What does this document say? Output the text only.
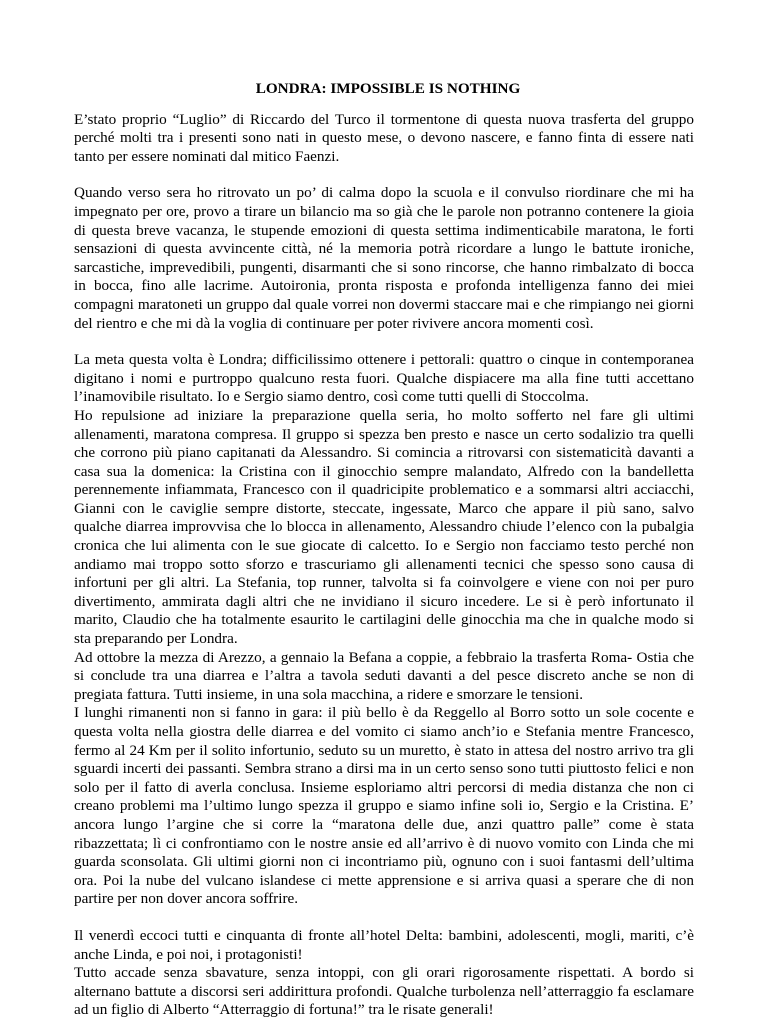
LONDRA: IMPOSSIBLE IS NOTHING

E’stato proprio “Luglio” di Riccardo del Turco il tormentone di questa nuova trasferta del gruppo perché molti tra i presenti sono nati in questo mese, o devono nascere, e fanno finta di essere nati tanto per essere nominati dal mitico Faenzi.

Quando verso sera ho ritrovato un po’ di calma dopo la scuola e il convulso riordinare che mi ha impegnato per ore, provo a tirare un bilancio ma so già che le parole non potranno contenere la gioia di questa breve vacanza, le stupende emozioni di questa settima indimenticabile maratona, le forti sensazioni di questa avvincente città, né la memoria potrà ricordare a lungo le battute ironiche, sarcastiche, imprevedibili, pungenti, disarmanti che si sono rincorse, che hanno rimbalzato di bocca in bocca, fino alle lacrime. Autoironia, pronta risposta e profonda intelligenza fanno dei miei compagni maratoneti un gruppo dal quale vorrei non dovermi staccare mai e che rimpiango nei giorni del rientro e che mi dà la voglia di continuare per poter rivivere ancora momenti così.

La meta questa volta è Londra; difficilissimo ottenere i pettorali: quattro o cinque in contemporanea digitano i nomi e purtroppo qualcuno resta fuori. Qualche dispiacere ma alla fine tutti accettano l’inamovibile risultato. Io e Sergio siamo dentro, così come tutti quelli di Stoccolma.

Ho repulsione ad iniziare la preparazione quella seria, ho molto sofferto nel fare gli ultimi allenamenti, maratona compresa. Il gruppo si spezza ben presto e nasce un certo sodalizio tra quelli che corrono più piano capitanati da Alessandro. Si comincia a ritrovarsi con sistematicità davanti a casa sua la domenica: la Cristina con il ginocchio sempre malandato, Alfredo con la bandelletta perennemente infiammata, Francesco con il quadricipite problematico e a sommarsi altri acciacchi, Gianni con le caviglie sempre distorte, steccate, ingessate, Marco che appare il più sano, salvo qualche diarrea improvvisa che lo blocca in allenamento, Alessandro chiude l’elenco con la pubalgia cronica che lui alimenta con le sue giocate di calcetto. Io e Sergio non facciamo testo perché non andiamo mai troppo sotto sforzo e trascuriamo gli allenamenti tecnici che spesso sono causa di infortuni per gli altri. La Stefania, top runner, talvolta si fa coinvolgere e viene con noi per puro divertimento, ammirata dagli altri che ne invidiano il sicuro incedere. Le si è però infortunato il marito, Claudio che ha totalmente esaurito le cartilagini delle ginocchia ma che in qualche modo si sta preparando per Londra.

Ad ottobre la mezza di Arezzo, a gennaio la Befana a coppie, a febbraio la trasferta Roma- Ostia che si conclude tra una diarrea e l’altra a tavola seduti davanti a del pesce discreto anche se non di pregiata fattura. Tutti insieme, in una sola macchina, a ridere e smorzare le tensioni.

I lunghi rimanenti non si fanno in gara: il più bello è da Reggello al Borro sotto un sole cocente e questa volta nella giostra delle diarrea e del vomito ci siamo anch’io e Stefania mentre Francesco, fermo al 24 Km per il solito infortunio, seduto su un muretto, è stato in attesa del nostro arrivo tra gli sguardi incerti dei passanti. Sembra strano a dirsi ma in un certo senso sono tutti piuttosto felici e non solo per il fatto di averla conclusa. Insieme esploriamo altri percorsi di media distanza che non ci creano problemi ma l’ultimo lungo spezza il gruppo e siamo infine soli io, Sergio e la Cristina. E’ ancora lungo l’argine che si corre la “maratona delle due, anzi quattro palle” come è stata ribazzettata; lì ci confrontiamo con le nostre ansie ed all’arrivo è di nuovo vomito con Linda che mi guarda sconsolata. Gli ultimi giorni non ci incontriamo più, ognuno con i suoi fantasmi dell’ultima ora. Poi la nube del vulcano islandese ci mette apprensione e si arriva quasi a sperare che di non partire per non dover ancora soffrire.

Il venerdì eccoci tutti e cinquanta di fronte all’hotel Delta: bambini, adolescenti, mogli, mariti, c’è anche Linda, e poi noi, i protagonisti!

Tutto accade senza sbavature, senza intoppi, con gli orari rigorosamente rispettati. A bordo si alternano battute a discorsi seri addirittura profondi. Qualche turbolenza nell’atterraggio fa esclamare ad un figlio di Alberto “Atterraggio di fortuna!” tra le risate generali!
